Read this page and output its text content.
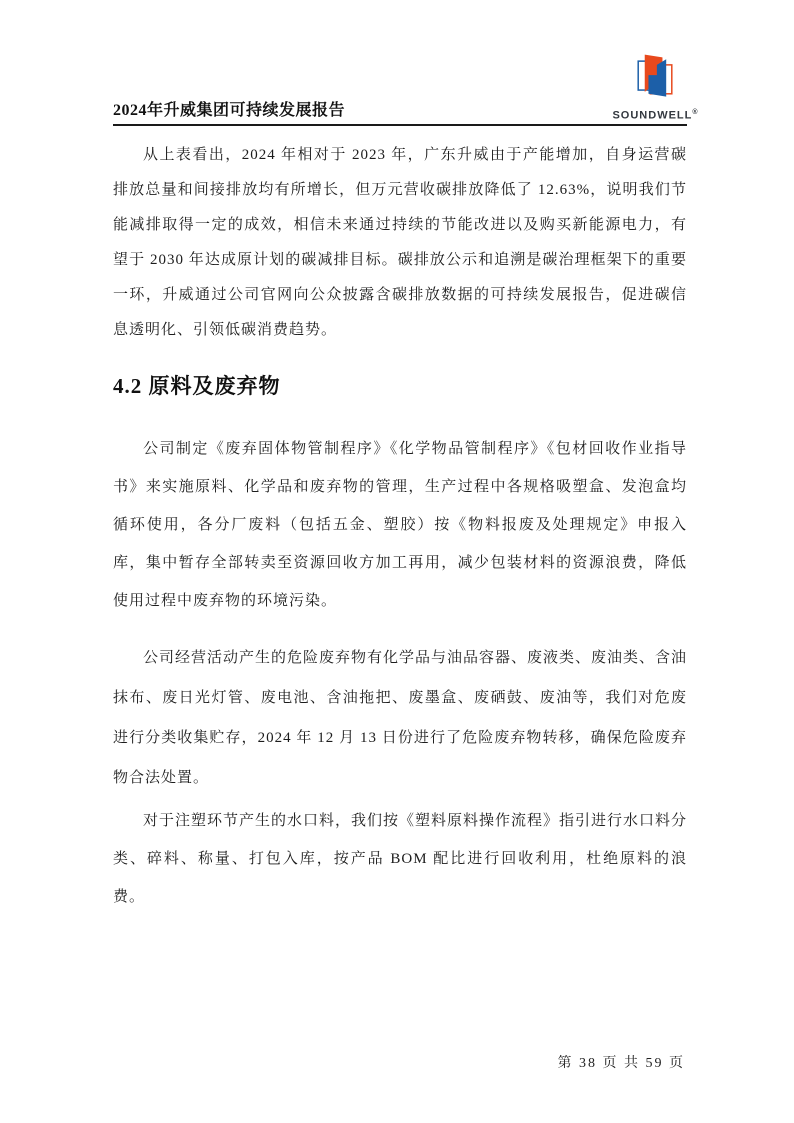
2024年升威集团可持续发展报告	SOUNDWELL®

从上表看出，2024 年相对于 2023 年，广东升威由于产能增加，自身运营碳排放总量和间接排放均有所增长，但万元营收碳排放降低了 12.63%，说明我们节能减排取得一定的成效，相信未来通过持续的节能改进以及购买新能源电力，有望于 2030 年达成原计划的碳减排目标。碳排放公示和追溯是碳治理框架下的重要一环，升威通过公司官网向公众披露含碳排放数据的可持续发展报告，促进碳信息透明化、引领低碳消费趋势。

4.2 原料及废弃物

公司制定《废弃固体物管制程序》《化学物品管制程序》《包材回收作业指导书》来实施原料、化学品和废弃物的管理，生产过程中各规格吸塑盒、发泡盒均循环使用，各分厂废料（包括五金、塑胶）按《物料报废及处理规定》申报入库，集中暂存全部转卖至资源回收方加工再用，减少包装材料的资源浪费，降低使用过程中废弃物的环境污染。

公司经营活动产生的危险废弃物有化学品与油品容器、废液类、废油类、含油抹布、废日光灯管、废电池、含油拖把、废墨盒、废硒鼓、废油等，我们对危废进行分类收集贮存，2024 年 12 月 13 日份进行了危险废弃物转移，确保危险废弃物合法处置。

对于注塑环节产生的水口料，我们按《塑料原料操作流程》指引进行水口料分类、碎料、称量、打包入库，按产品 BOM 配比进行回收利用，杜绝原料的浪费。

第 38 页 共 59 页
